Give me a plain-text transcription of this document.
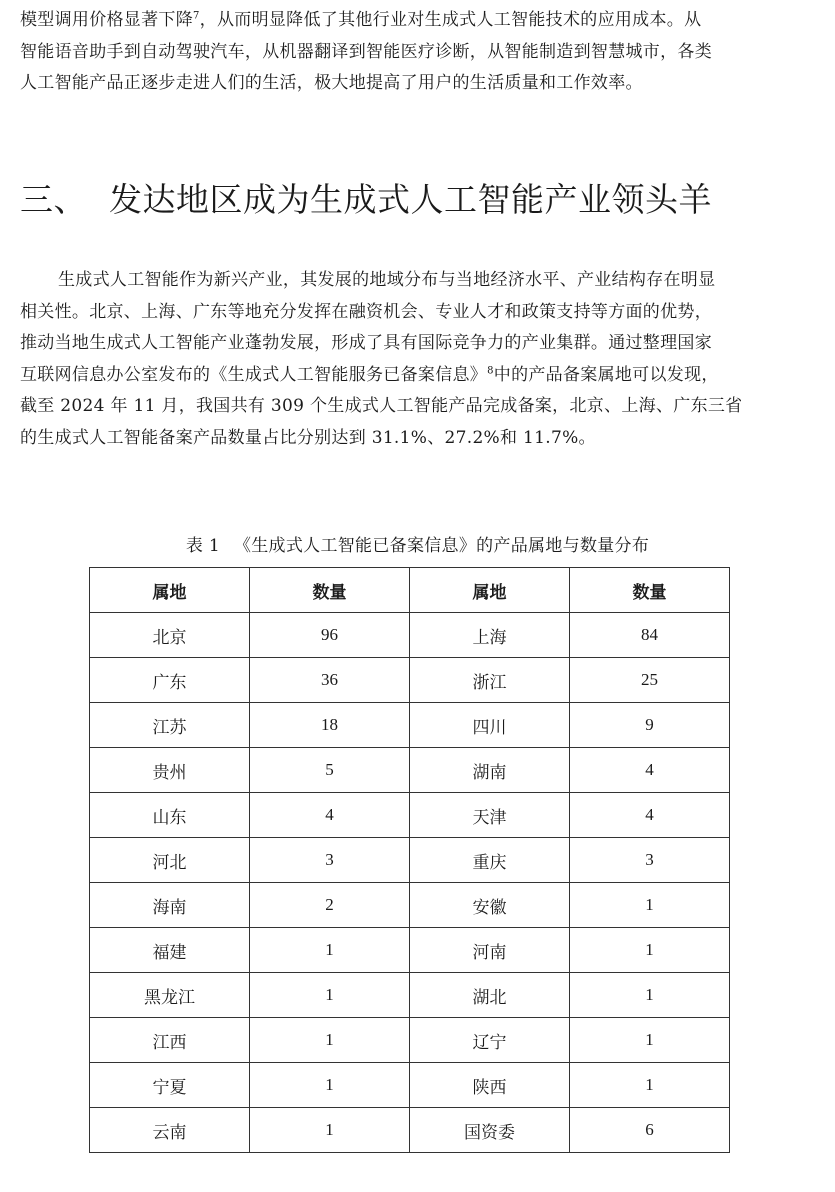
模型调用价格显著下降$^7$，从而明显降低了其他行业对生成式人工智能技术的应用成本。从
智能语音助手到自动驾驶汽车，从机器翻译到智能医疗诊断，从智能制造到智慧城市，各类
人工智能产品正逐步走进人们的生活，极大地提高了用户的生活质量和工作效率。

三、 发达地区成为生成式人工智能产业领头羊

生成式人工智能作为新兴产业，其发展的地域分布与当地经济水平、产业结构存在明显
相关性。北京、上海、广东等地充分发挥在融资机会、专业人才和政策支持等方面的优势，
推动当地生成式人工智能产业蓬勃发展，形成了具有国际竞争力的产业集群。通过整理国家
互联网信息办公室发布的《生成式人工智能服务已备案信息》$^8$中的产品备案属地可以发现，
截至 2024 年 11 月，我国共有 309 个生成式人工智能产品完成备案，北京、上海、广东三省
的生成式人工智能备案产品数量占比分别达到 31.1%、27.2%和 11.7%。

表 1 《生成式人工智能已备案信息》的产品属地与数量分布

属地	数量	属地	数量
北京	96	上海	84
广东	36	浙江	25
江苏	18	四川	9
贵州	5	湖南	4
山东	4	天津	4
河北	3	重庆	3
海南	2	安徽	1
福建	1	河南	1
黑龙江	1	湖北	1
江西	1	辽宁	1
宁夏	1	陕西	1
云南	1	国资委	6
